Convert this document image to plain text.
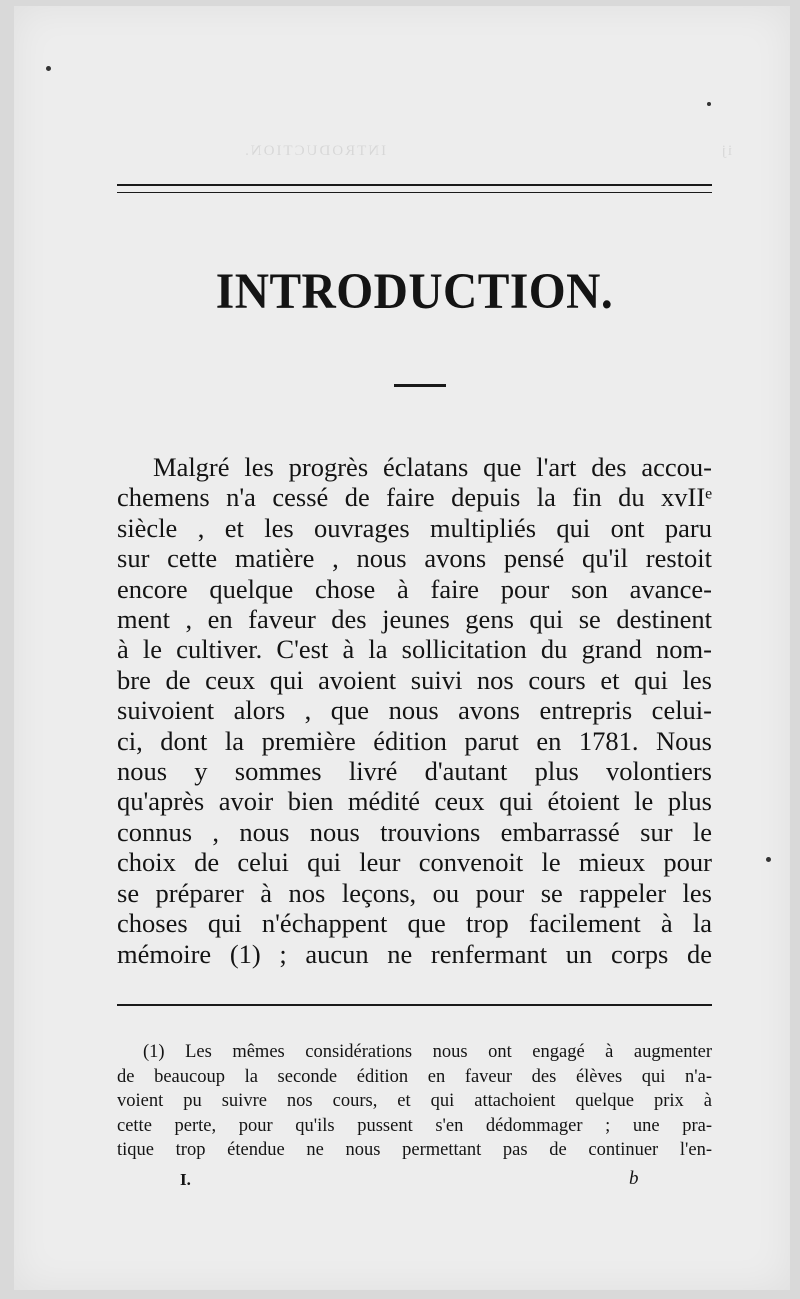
ij                                                          INTRODUCTION.
INTRODUCTION.

Malgré les progrès éclatans que l'art des accou-
chemens n'a cessé de faire depuis la fin du xvIIᵉ
siècle , et les ouvrages multipliés qui ont paru
sur cette matière , nous avons pensé qu'il restoit
encore quelque chose à faire pour son avance-
ment , en faveur des jeunes gens qui se destinent
à le cultiver. C'est à la sollicitation du grand nom-
bre de ceux qui avoient suivi nos cours et qui les
suivoient alors , que nous avons entrepris celui-
ci, dont la première édition parut en 1781. Nous
nous y sommes livré d'autant plus volontiers
qu'après avoir bien médité ceux qui étoient le plus
connus , nous nous trouvions embarrassé sur le
choix de celui qui leur convenoit le mieux pour
se préparer à nos leçons, ou pour se rappeler les
choses qui n'échappent que trop facilement à la
mémoire (1) ; aucun ne renfermant un corps de

(1) Les mêmes considérations nous ont engagé à augmenter
de beaucoup la seconde édition en faveur des élèves qui n'a-
voient pu suivre nos cours, et qui attachoient quelque prix à
cette perte, pour qu'ils pussent s'en dédommager ; une pra-
tique trop étendue ne nous permettant pas de continuer l'en-

I.	b
